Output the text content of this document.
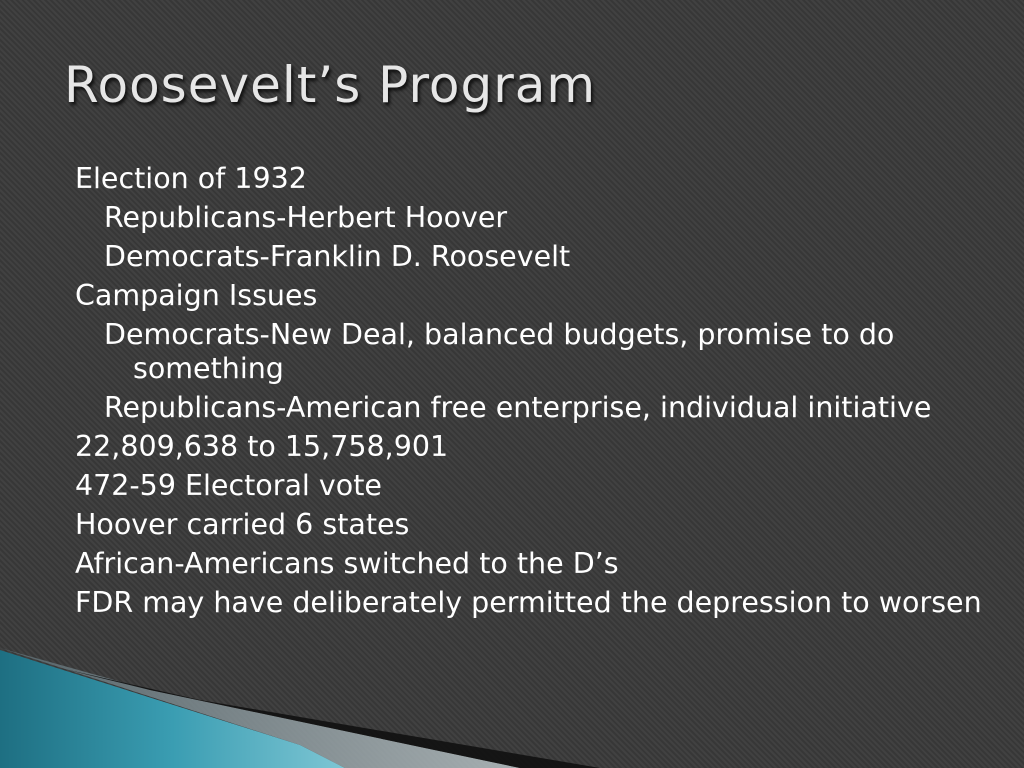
Roosevelt’s Program
Election of 1932
Republicans-Herbert Hoover
Democrats-Franklin D. Roosevelt
Campaign Issues
Democrats-New Deal, balanced budgets, promise to do something
Republicans-American free enterprise, individual initiative
22,809,638 to 15,758,901
472-59 Electoral vote
Hoover carried 6 states
African-Americans switched to the D’s
FDR may have deliberately permitted the depression to worsen
